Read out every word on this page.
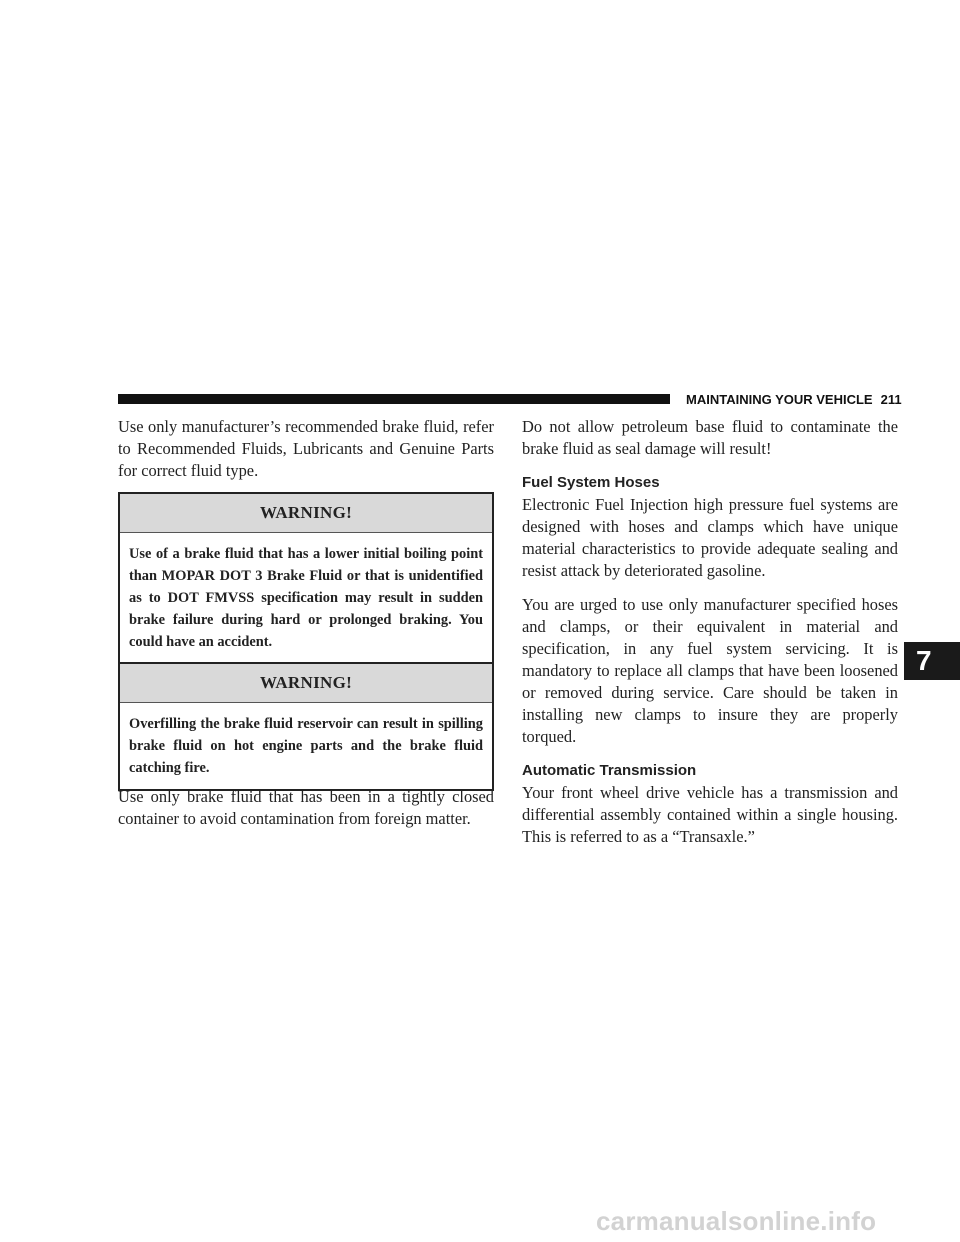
MAINTAINING YOUR VEHICLE 211

Use only manufacturer’s recommended brake fluid, refer to Recommended Fluids, Lubricants and Genuine Parts for correct fluid type.

WARNING!
Use of a brake fluid that has a lower initial boiling point than MOPAR DOT 3 Brake Fluid or that is unidentified as to DOT FMVSS specification may result in sudden brake failure during hard or prolonged braking. You could have an accident.
WARNING!
Overfilling the brake fluid reservoir can result in spilling brake fluid on hot engine parts and the brake fluid catching fire.

Use only brake fluid that has been in a tightly closed container to avoid contamination from foreign matter.

Do not allow petroleum base fluid to contaminate the brake fluid as seal damage will result!

Fuel System Hoses

Electronic Fuel Injection high pressure fuel systems are designed with hoses and clamps which have unique material characteristics to provide adequate sealing and resist attack by deteriorated gasoline.

You are urged to use only manufacturer specified hoses and clamps, or their equivalent in material and specification, in any fuel system servicing. It is mandatory to replace all clamps that have been loosened or removed during service. Care should be taken in installing new clamps to insure they are properly torqued.

Automatic Transmission

Your front wheel drive vehicle has a transmission and differential assembly contained within a single housing. This is referred to as a “Transaxle.”

7
carmanualsonline.info
